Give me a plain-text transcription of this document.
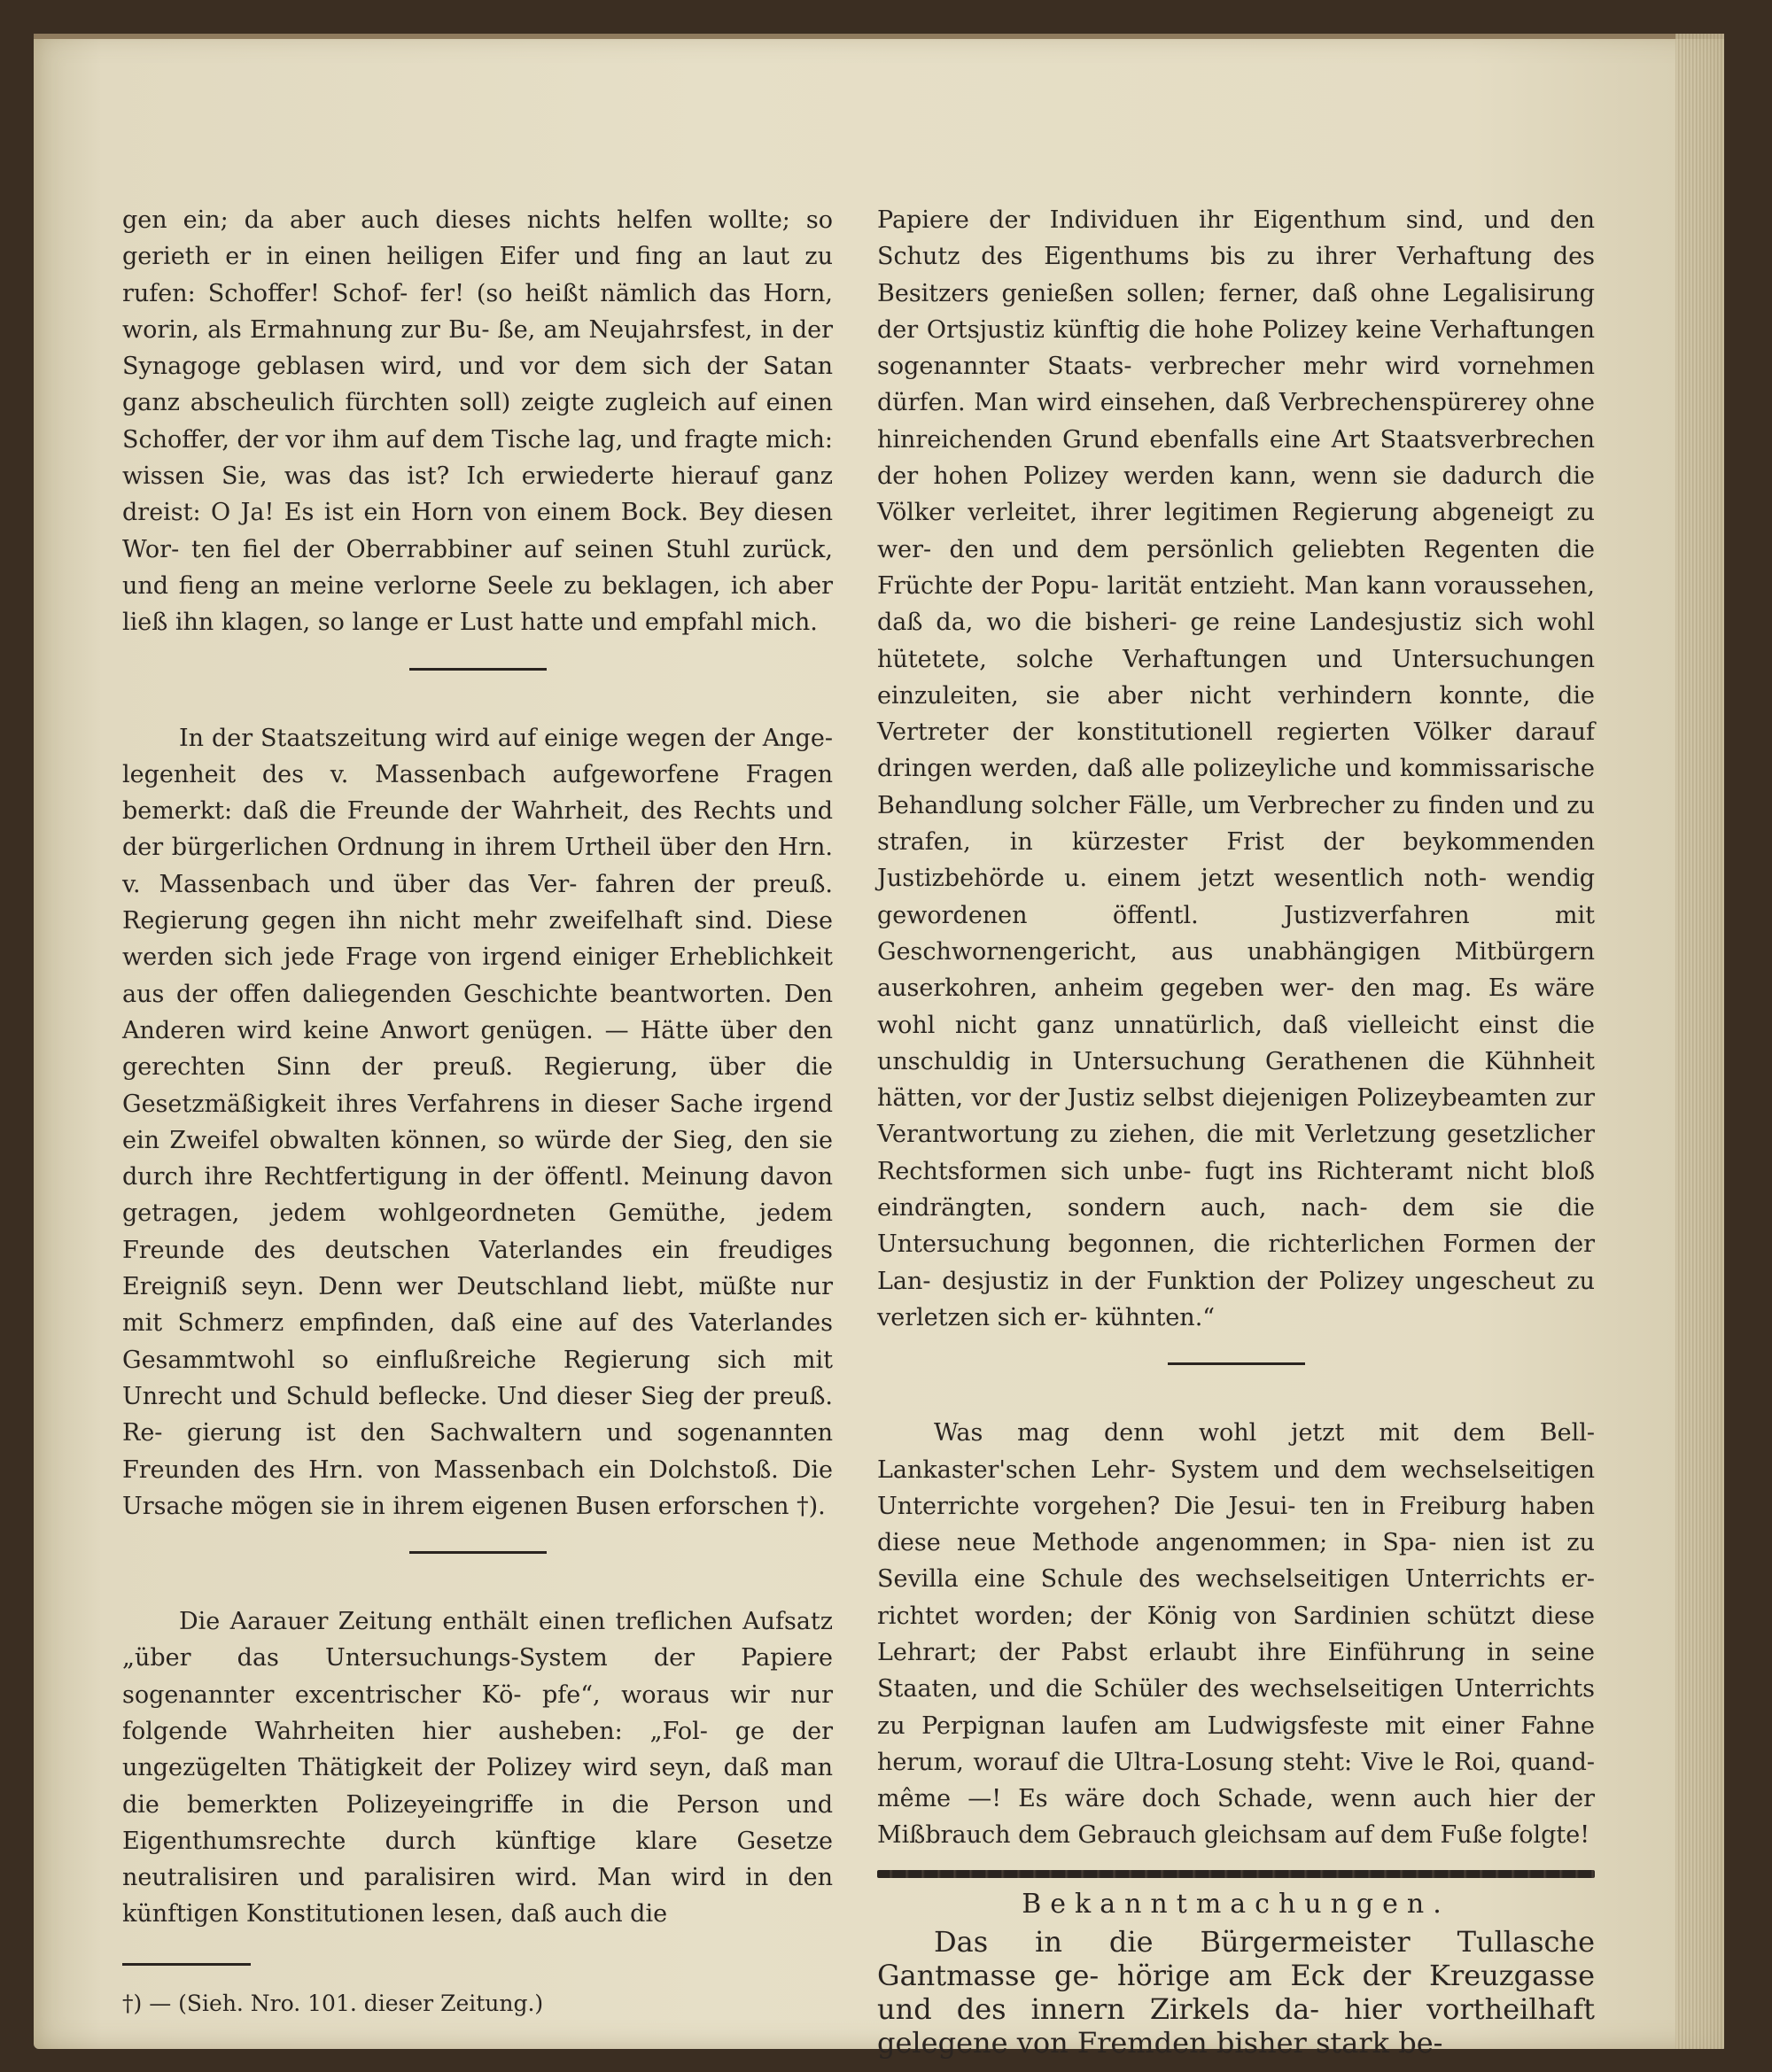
gen ein; da aber auch dieses nichts helfen wollte; so gerieth er in einen heiligen Eifer und fing an laut zu rufen: Schoffer! Schof- fer! (so heißt nämlich das Horn, worin, als Ermahnung zur Bu- ße, am Neujahrsfest, in der Synagoge geblasen wird, und vor dem sich der Satan ganz abscheulich fürchten soll) zeigte zugleich auf einen Schoffer, der vor ihm auf dem Tische lag, und fragte mich: wissen Sie, was das ist? Ich erwiederte hierauf ganz dreist: O Ja! Es ist ein Horn von einem Bock. Bey diesen Wor- ten fiel der Oberrabbiner auf seinen Stuhl zurück, und fieng an meine verlorne Seele zu beklagen, ich aber ließ ihn klagen, so lange er Lust hatte und empfahl mich.

In der Staatszeitung wird auf einige wegen der Ange- legenheit des v. Massenbach aufgeworfene Fragen bemerkt: daß die Freunde der Wahrheit, des Rechts und der bürgerlichen Ordnung in ihrem Urtheil über den Hrn. v. Massenbach und über das Ver- fahren der preuß. Regierung gegen ihn nicht mehr zweifelhaft sind. Diese werden sich jede Frage von irgend einiger Erheblichkeit aus der offen daliegenden Geschichte beantworten. Den Anderen wird keine Anwort genügen. — Hätte über den gerechten Sinn der preuß. Regierung, über die Gesetzmäßigkeit ihres Verfahrens in dieser Sache irgend ein Zweifel obwalten können, so würde der Sieg, den sie durch ihre Rechtfertigung in der öffentl. Meinung davon getragen, jedem wohlgeordneten Gemüthe, jedem Freunde des deutschen Vaterlandes ein freudiges Ereigniß seyn. Denn wer Deutschland liebt, müßte nur mit Schmerz empfinden, daß eine auf des Vaterlandes Gesammtwohl so einflußreiche Regierung sich mit Unrecht und Schuld beflecke. Und dieser Sieg der preuß. Re- gierung ist den Sachwaltern und sogenannten Freunden des Hrn. von Massenbach ein Dolchstoß. Die Ursache mögen sie in ihrem eigenen Busen erforschen †).

Die Aarauer Zeitung enthält einen treflichen Aufsatz „über das Untersuchungs-System der Papiere sogenannter excentrischer Kö- pfe“, woraus wir nur folgende Wahrheiten hier ausheben: „Fol- ge der ungezügelten Thätigkeit der Polizey wird seyn, daß man die bemerkten Polizeyeingriffe in die Person und Eigenthumsrechte durch künftige klare Gesetze neutralisiren und paralisiren wird. Man wird in den künftigen Konstitutionen lesen, daß auch die

†) — (Sieh. Nro. 101. dieser Zeitung.)

Papiere der Individuen ihr Eigenthum sind, und den Schutz des Eigenthums bis zu ihrer Verhaftung des Besitzers genießen sollen; ferner, daß ohne Legalisirung der Ortsjustiz künftig die hohe Polizey keine Verhaftungen sogenannter Staats- verbrecher mehr wird vornehmen dürfen. Man wird einsehen, daß Verbrechenspürerey ohne hinreichenden Grund ebenfalls eine Art Staatsverbrechen der hohen Polizey werden kann, wenn sie dadurch die Völker verleitet, ihrer legitimen Regierung abgeneigt zu wer- den und dem persönlich geliebten Regenten die Früchte der Popu- larität entzieht. Man kann voraussehen, daß da, wo die bisheri- ge reine Landesjustiz sich wohl hütetete, solche Verhaftungen und Untersuchungen einzuleiten, sie aber nicht verhindern konnte, die Vertreter der konstitutionell regierten Völker darauf dringen werden, daß alle polizeyliche und kommissarische Behandlung solcher Fälle, um Verbrecher zu finden und zu strafen, in kürzester Frist der beykommenden Justizbehörde u. einem jetzt wesentlich noth- wendig gewordenen öffentl. Justizverfahren mit Geschwornengericht, aus unabhängigen Mitbürgern auserkohren, anheim gegeben wer- den mag. Es wäre wohl nicht ganz unnatürlich, daß vielleicht einst die unschuldig in Untersuchung Gerathenen die Kühnheit hätten, vor der Justiz selbst diejenigen Polizeybeamten zur Verantwortung zu ziehen, die mit Verletzung gesetzlicher Rechtsformen sich unbe- fugt ins Richteramt nicht bloß eindrängten, sondern auch, nach- dem sie die Untersuchung begonnen, die richterlichen Formen der Lan- desjustiz in der Funktion der Polizey ungescheut zu verletzen sich er- kühnten.“

Was mag denn wohl jetzt mit dem Bell-Lankaster'schen Lehr- System und dem wechselseitigen Unterrichte vorgehen? Die Jesui- ten in Freiburg haben diese neue Methode angenommen; in Spa- nien ist zu Sevilla eine Schule des wechselseitigen Unterrichts er- richtet worden; der König von Sardinien schützt diese Lehrart; der Pabst erlaubt ihre Einführung in seine Staaten, und die Schüler des wechselseitigen Unterrichts zu Perpignan laufen am Ludwigsfeste mit einer Fahne herum, worauf die Ultra-Losung steht: Vive le Roi, quand-même —! Es wäre doch Schade, wenn auch hier der Mißbrauch dem Gebrauch gleichsam auf dem Fuße folgte!

Bekanntmachungen.

Das in die Bürgermeister Tullasche Gantmasse ge- hörige am Eck der Kreuzgasse und des innern Zirkels da- hier vortheilhaft gelegene von Fremden bisher stark be-
